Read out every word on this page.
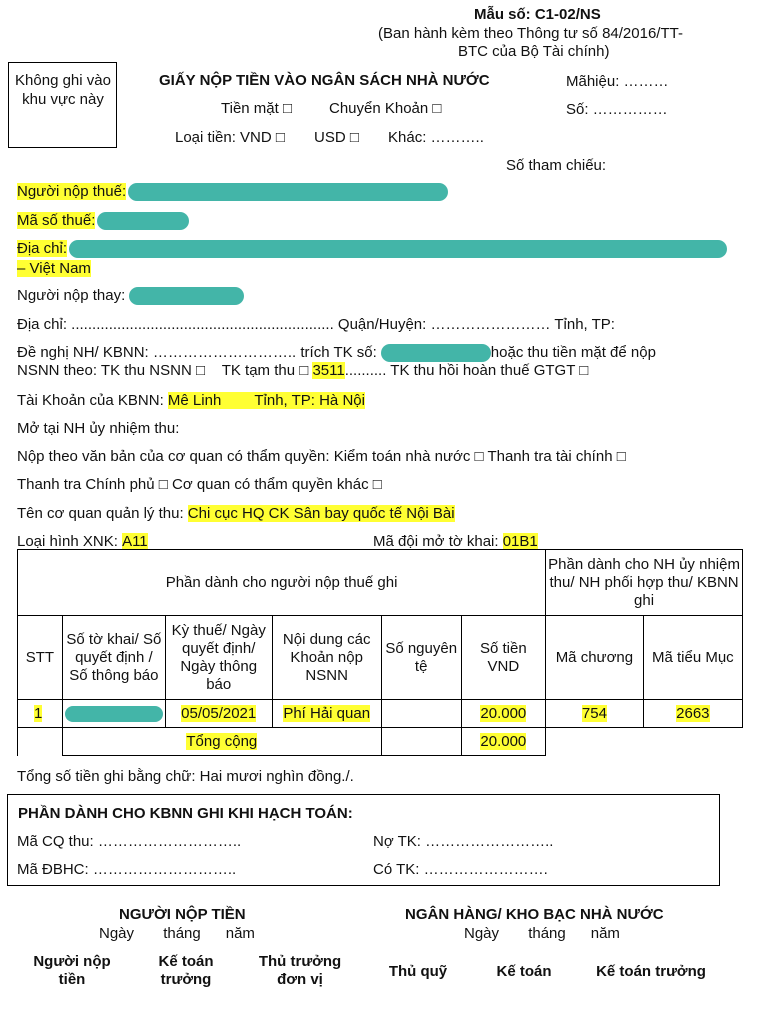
Mẫu số: C1-02/NS
(Ban hành kèm theo Thông tư số 84/2016/TT-
BTC của Bộ Tài chính)
Không ghi vào khu vực này
GIẤY NỘP TIỀN VÀO NGÂN SÁCH NHÀ NƯỚC	Mãhiệu: ………
Tiền mặt □ Chuyển Khoản □	Số: ……………
Loại tiền: VND □ USD □ Khác: ………..
Số tham chiếu:
Người nộp thuế:
Mã số thuế:
Địa chỉ:
– Việt Nam
Người nộp thay:
Địa chỉ: ............................................................... Quận/Huyện: …………………… Tỉnh, TP:
Đề nghị NH/ KBNN: ……………………….. trích TK số:	hoặc thu tiền mặt để nộp
NSNN theo: TK thu NSNN □ TK tạm thu □ 3511.......... TK thu hồi hoàn thuế GTGT □
Tài Khoản của KBNN: Mê Linh        Tỉnh, TP: Hà Nội
Mở tại NH ủy nhiệm thu:
Nộp theo văn bản của cơ quan có thẩm quyền: Kiểm toán nhà nước □ Thanh tra tài chính □
Thanh tra Chính phủ □ Cơ quan có thẩm quyền khác □
Tên cơ quan quản lý thu: Chi cục HQ CK Sân bay quốc tế Nội Bài
Loại hình XNK: A11	Mã đội mở tờ khai: 01B1
Phần dành cho người nộp thuế ghi						Phần dành cho NH ủy nhiệm thu/ NH phối hợp thu/ KBNN ghi	
STT	Số tờ khai/ Số quyết định / Số thông báo	Kỳ thuế/ Ngày quyết định/ Ngày thông báo	Nội dung các Khoản nộp NSNN	Số nguyên tệ	Số tiền VND	Mã chương	Mã tiểu Mục
1		05/05/2021	Phí Hải quan		20.000	754	2663
	Tổng cộng				20.000		
Tổng số tiền ghi bằng chữ: Hai mươi nghìn đồng./.
PHẦN DÀNH CHO KBNN GHI KHI HẠCH TOÁN:
Mã CQ thu: ………………………..	Nợ TK: ……………………..
Mã ĐBHC: ………………………..	Có TK: …………………….
NGƯỜI NỘP TIỀN
Ngày       tháng      năm
NGÂN HÀNG/ KHO BẠC NHÀ NƯỚC
Ngày       tháng      năm
Người nộp tiền
Kế toán trưởng
Thủ trưởng đơn vị	Thủ quỹ	Kế toán	Kế toán trưởng
